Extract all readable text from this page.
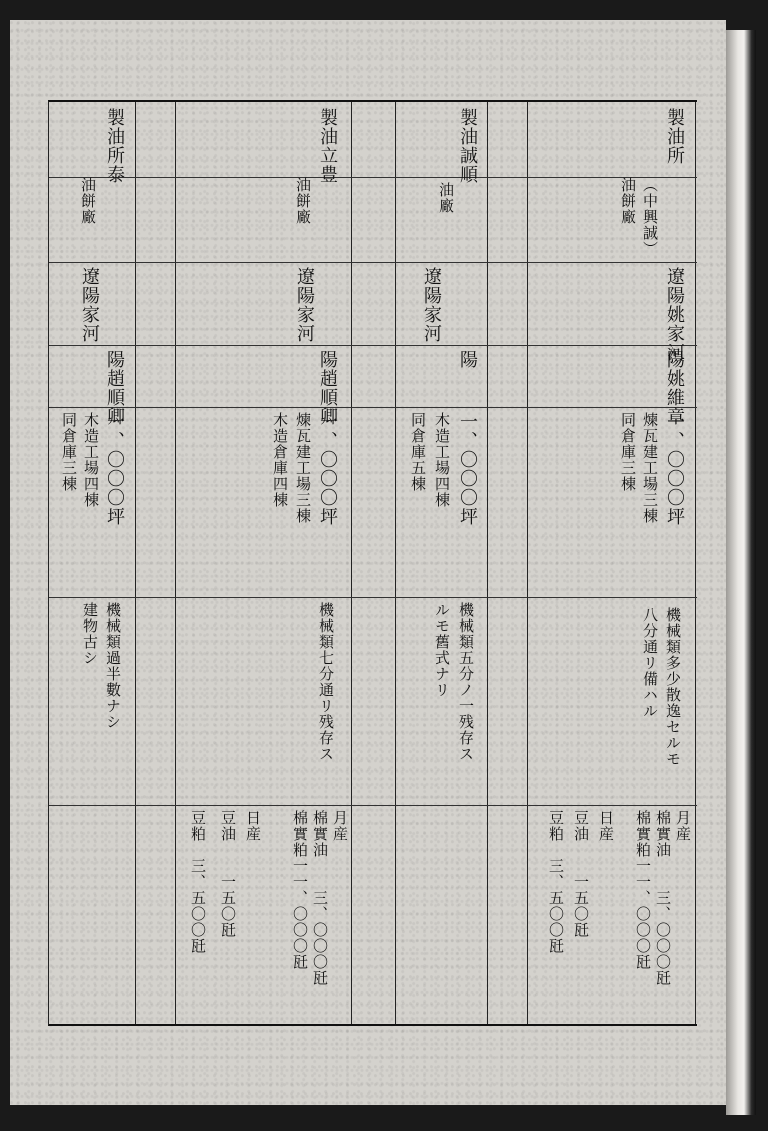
製油所
（中興誠）
油餅廠
遼陽姚家河
陽姚維章
一、〇〇〇坪
煉瓦建工場三棟
同倉庫三棟
機械類多少散逸セルモ
八分通リ備ハル
月産
棉實油　　三、〇〇〇瓩
棉實粕一一、〇〇〇瓩
日産
豆油　　一五〇瓩
豆粕　三、五〇〇瓩
製油誠順
油廠
遼陽家河
陽
一、〇〇〇坪
木造工場四棟
同倉庫五棟
機械類五分ノ一残存ス
ルモ舊式ナリ
製油立豊
油餅廠
遼陽家河
陽趙順卿
一、〇〇〇坪
煉瓦建工場三棟
木造倉庫四棟
機械類七分通リ残存ス
月産
棉實油　　三、〇〇〇瓩
棉實粕一一、〇〇〇瓩
日産
豆油　　一五〇瓩
豆粕　三、五〇〇瓩
製油所泰
油餅廠
遼陽家河
陽趙順卿
一、〇〇〇坪
木造工場四棟
同倉庫三棟
機械類過半數ナシ
建物古シ
